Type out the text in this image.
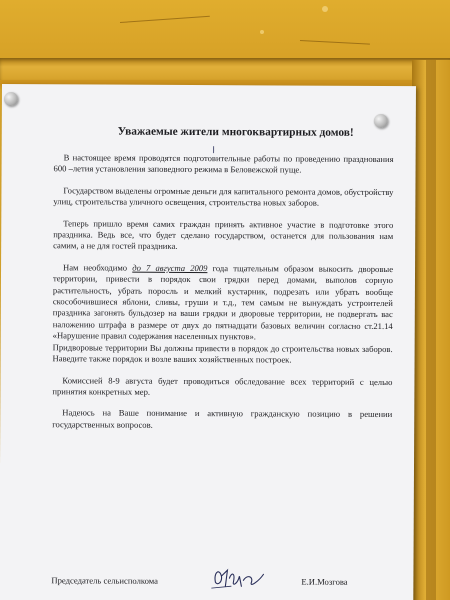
Уважаемые жители многоквартирных домов!

В настоящее время проводятся подготовительные работы по проведению празднования 600 –летия установления заповедного режима в Беловежской пуще.

Государством выделены огромные деньги для капитального ремонта домов, обустройству улиц, строительства уличного освещения, строительства новых заборов.

Теперь пришло время самих граждан принять активное участие в подготовке этого праздника. Ведь все, что будет сделано государством, останется для пользования нам самим, а не для гостей праздника.

Нам необходимо до 7 августа 2009 года тщательным образом выкосить дворовые территории, привести в порядок свои грядки перед домами, выполов сорную растительность, убрать поросль и мелкий кустарник, подрезать или убрать вообще скособочившиеся яблони, сливы, груши и т.д., тем самым не вынуждать устроителей праздника загонять бульдозер на ваши грядки и дворовые территории, не подвергать вас наложению штрафа в размере от двух до пятнадцати базовых величин согласно ст.21.14 «Нарушение правил содержания населенных пунктов».

Придворовые территории Вы должны привести в порядок до строительства новых заборов. Наведите также порядок и возле ваших хозяйственных построек.

Комиссией 8-9 августа будет проводиться обследование всех территорий с целью принятия конкретных мер.

Надеюсь на Ваше понимание и активную гражданскую позицию в решении государственных вопросов.

Председатель сельисполкома	Е.И.Мозгова
